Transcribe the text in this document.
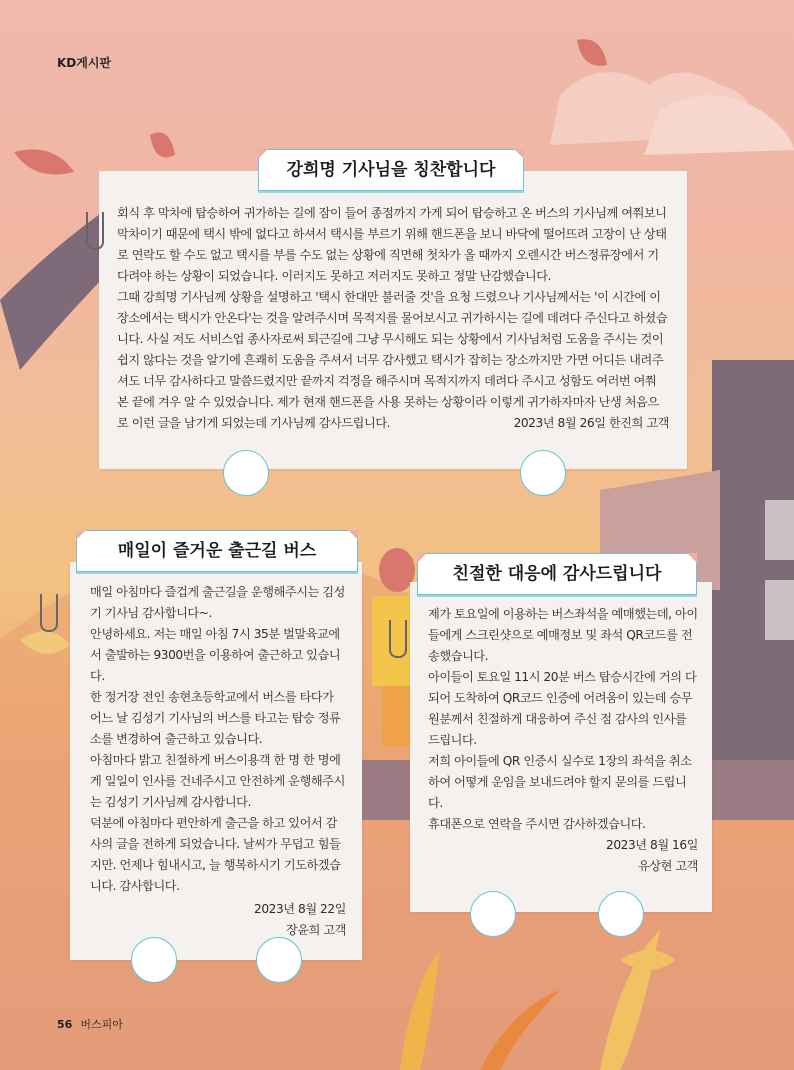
KD게시판

회식 후 막차에 탑승하여 귀가하는 길에 잠이 들어 종점까지 가게 되어 탑승하고 온 버스의 기사님께 여쭤보니 막차이기 때문에 택시 밖에 없다고 하셔서 택시를 부르기 위해 핸드폰을 보니 바닥에 떨어뜨려 고장이 난 상태로 연락도 할 수도 없고 택시를 부를 수도 없는 상황에 직면해 첫차가 올 때까지 오렌시간 버스정류장에서 기다려야 하는 상황이 되었습니다. 이러지도 못하고 저러지도 못하고 정말 난감했습니다.

그때 강희명 기사님께 상황을 설명하고 '택시 한대만 불러줄 것'을 요청 드렸으나 기사님께서는 '이 시간에 이 장소에서는 택시가 안온다'는 것을 알려주시며 목적지를 물어보시고 귀가하시는 길에 데려다 주신다고 하셨습니다. 사실 저도 서비스업 종사자로써 퇴근길에 그냥 무시해도 되는 상황에서 기사님처럼 도움을 주시는 것이 쉽지 않다는 것을 알기에 흔쾌히 도움을 주셔서 너무 감사했고 택시가 잡히는 장소까지만 가면 어디든 내려주셔도 너무 감사하다고 말씀드렸지만 끝까지 걱정을 해주시며 목적지까지 데려다 주시고 성함도 여러번 여쭤 본 끝에 겨우 알 수 있었습니다. 제가 현재 핸드폰을 사용 못하는 상황이라 이렇게 귀가하자마자 난생 처음으로 이런 글을 남기게 되었는데 기사님께 감사드립니다.	2023년 8월 26일 한진희 고객

강희명 기사님을 칭찬합니다

매일 아침마다 즐겁게 출근길을 운행해주시는 김성기 기사님 감사합니다~.

안녕하세요. 저는 매일 아침 7시 35분 벌말육교에서 출발하는 9300번을 이용하여 출근하고 있습니다.

한 정거장 전인 송현초등학교에서 버스를 타다가 어느 날 김성기 기사님의 버스를 타고는 탑승 정류소를 변경하여 출근하고 있습니다.

아침마다 밝고 친절하게 버스이용객 한 명 한 명에게 일일이 인사를 건네주시고 안전하게 운행해주시는 김성기 기사님께 감사합니다.

덕분에 아침마다 편안하게 출근을 하고 있어서 감사의 글을 전하게 되었습니다. 날씨가 무덥고 힘들지만. 언제나 힘내시고, 늘 행복하시기 기도하겠습니다. 감사합니다.

2023년 8월 22일

장윤희 고객

매일이 즐거운 출근길 버스

제가 토요일에 이용하는 버스좌석을 예매했는데, 아이들에게 스크린샷으로 예매정보 및 좌석 QR코드를 전송했습니다.

아이들이 토요일 11시 20분 버스 탑승시간에 거의 다 되어 도착하여 QR코드 인증에 어려움이 있는데 승무원분께서 친절하게 대응하여 주신 점 감사의 인사를 드립니다.

저희 아이들에 QR 인증시 실수로 1장의 좌석을 취소하여 어떻게 운임을 보내드려야 할지 문의를 드립니다.

휴대폰으로 연락을 주시면 감사하겠습니다.

2023년 8월 16일

유상현 고객

친절한 대응에 감사드립니다
56 버스피아
